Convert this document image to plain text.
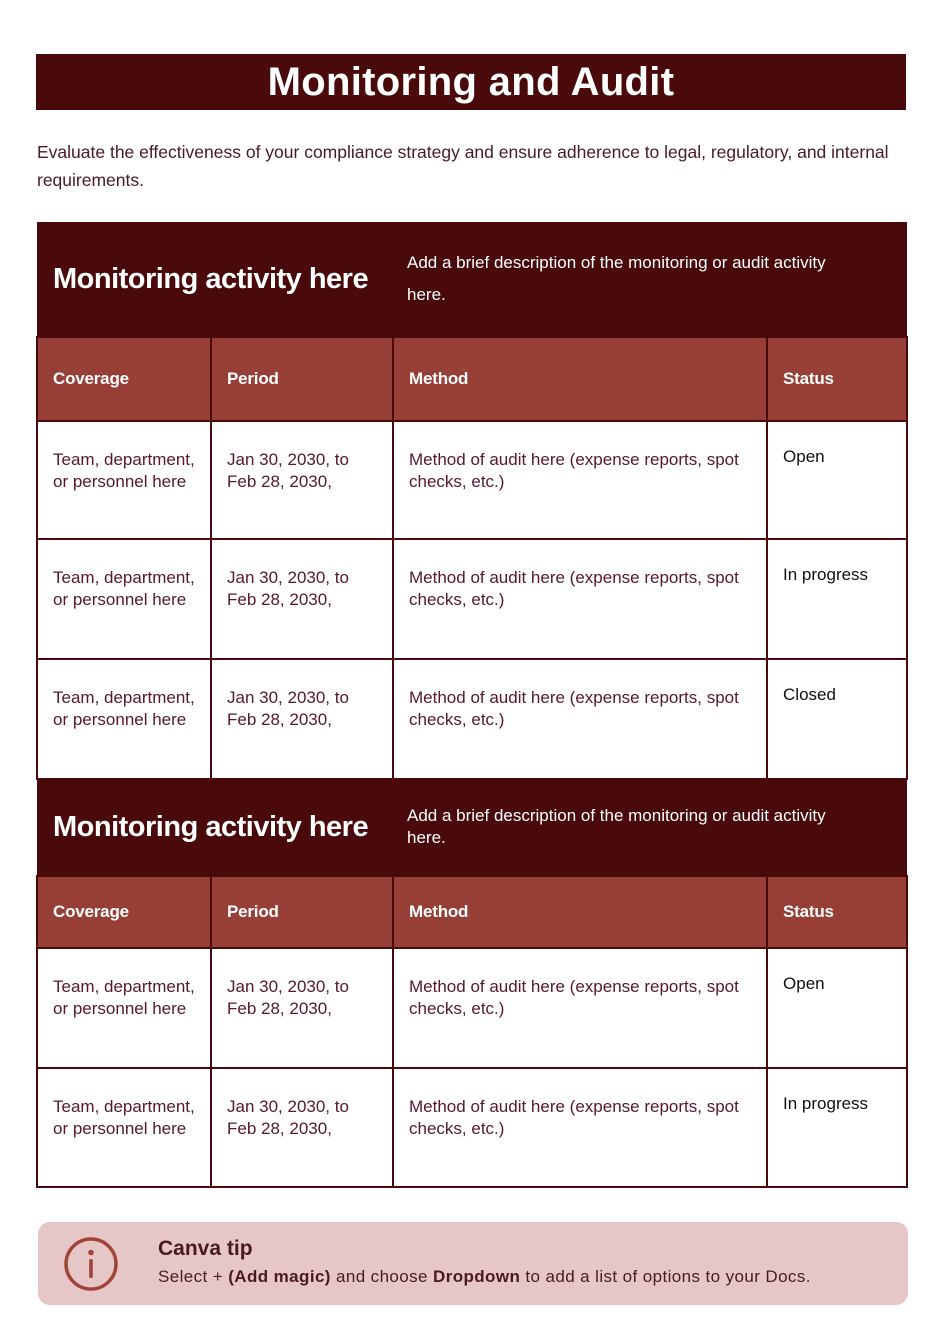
Monitoring and Audit
Evaluate the effectiveness of your compliance strategy and ensure adherence to legal, regulatory, and internal requirements.
Monitoring activity here		Add a brief description of the monitoring or audit activity here.	
Coverage	Period	Method	Status
Team, department, or personnel here	Jan 30, 2030, to Feb 28, 2030,	Method of audit here (expense reports, spot checks, etc.)	Open
Team, department, or personnel here	Jan 30, 2030, to Feb 28, 2030,	Method of audit here (expense reports, spot checks, etc.)	In progress
Team, department, or personnel here	Jan 30, 2030, to Feb 28, 2030,	Method of audit here (expense reports, spot checks, etc.)	Closed
Monitoring activity here		Add a brief description of the monitoring or audit activity here.	
Coverage	Period	Method	Status
Team, department, or personnel here	Jan 30, 2030, to Feb 28, 2030,	Method of audit here (expense reports, spot checks, etc.)	Open
Team, department, or personnel here	Jan 30, 2030, to Feb 28, 2030,	Method of audit here (expense reports, spot checks, etc.)	In progress
Canva tip
Select + (Add magic) and choose Dropdown to add a list of options to your Docs.
